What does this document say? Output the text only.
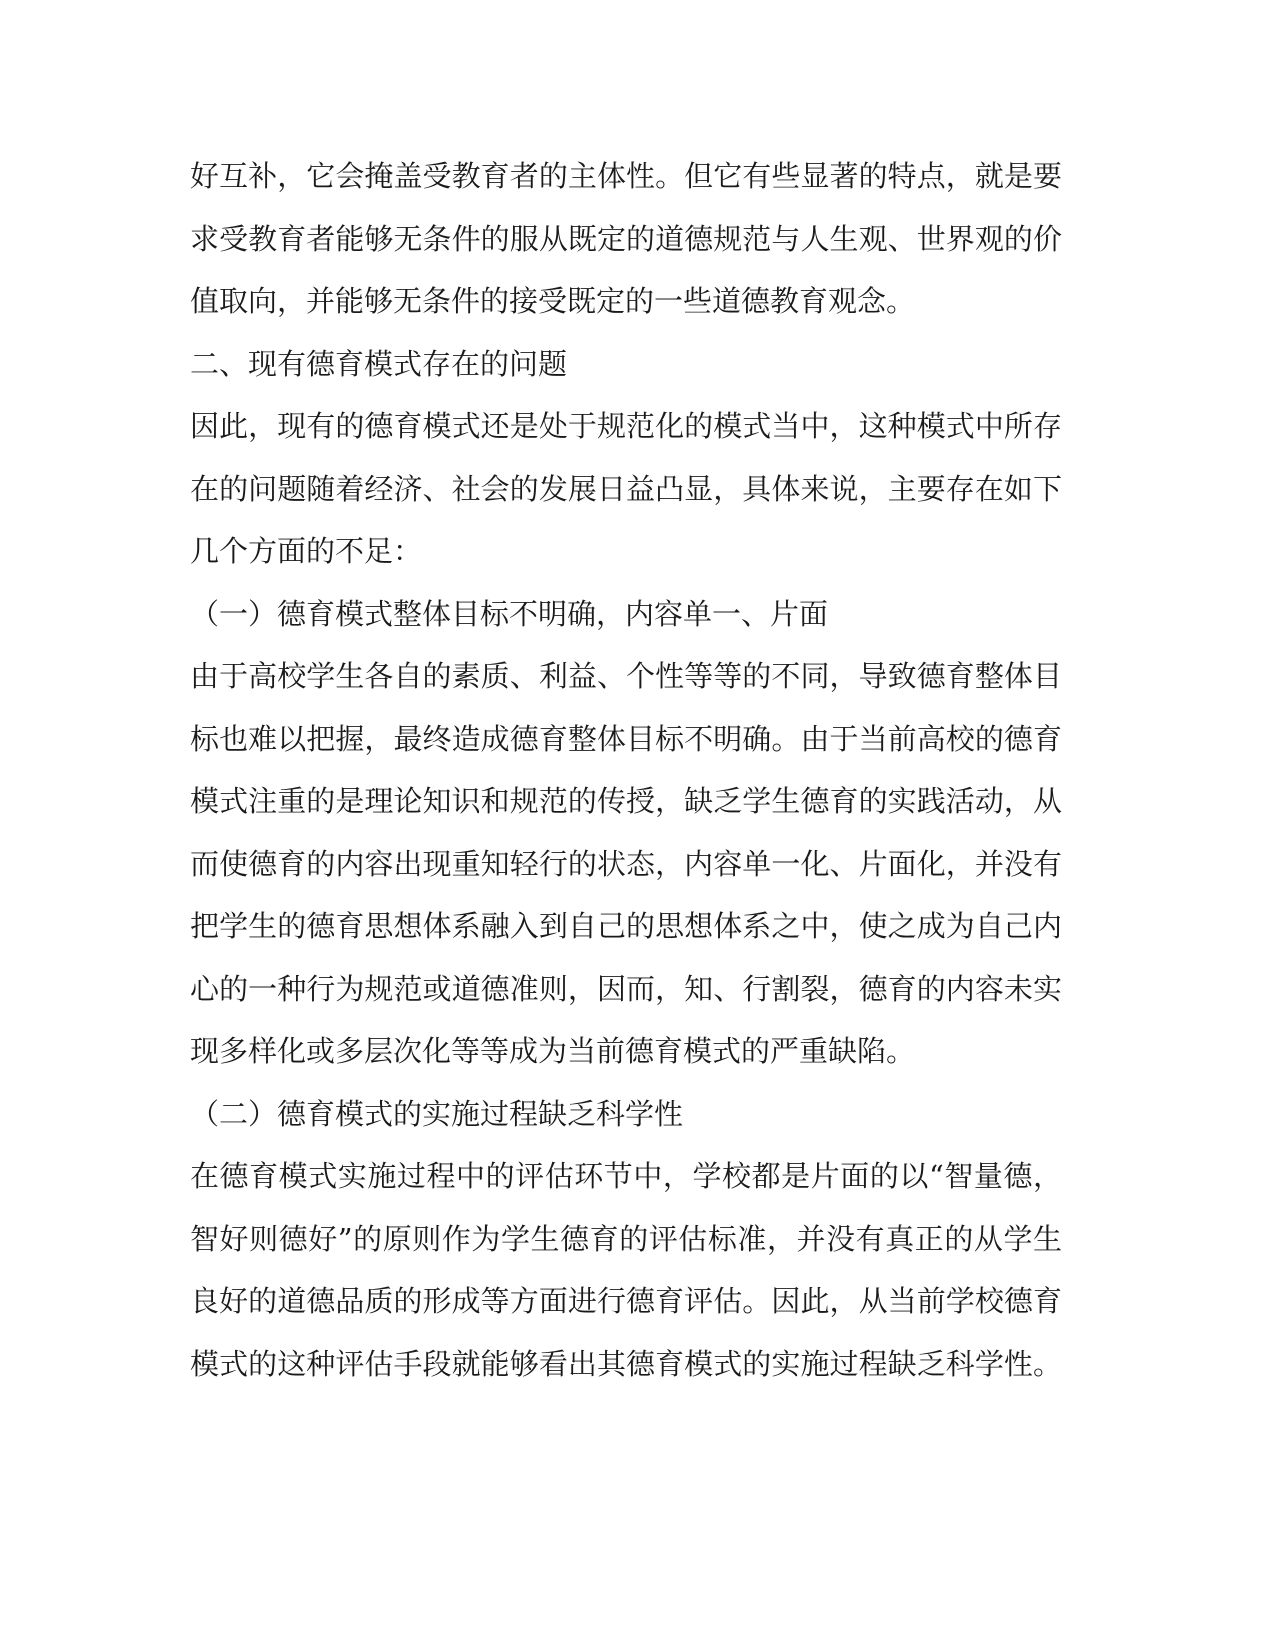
好互补，它会掩盖受教育者的主体性。但它有些显著的特点，就是要
求受教育者能够无条件的服从既定的道德规范与人生观、世界观的价
值取向，并能够无条件的接受既定的一些道德教育观念。
二、现有德育模式存在的问题
因此，现有的德育模式还是处于规范化的模式当中，这种模式中所存
在的问题随着经济、社会的发展日益凸显，具体来说，主要存在如下
几个方面的不足：
（一）德育模式整体目标不明确，内容单一、片面
由于高校学生各自的素质、利益、个性等等的不同，导致德育整体目
标也难以把握，最终造成德育整体目标不明确。由于当前高校的德育
模式注重的是理论知识和规范的传授，缺乏学生德育的实践活动，从
而使德育的内容出现重知轻行的状态，内容单一化、片面化，并没有
把学生的德育思想体系融入到自己的思想体系之中，使之成为自己内
心的一种行为规范或道德准则，因而，知、行割裂，德育的内容未实
现多样化或多层次化等等成为当前德育模式的严重缺陷。
（二）德育模式的实施过程缺乏科学性
在德育模式实施过程中的评估环节中，学校都是片面的以“智量德，
智好则德好”的原则作为学生德育的评估标准，并没有真正的从学生
良好的道德品质的形成等方面进行德育评估。因此，从当前学校德育
模式的这种评估手段就能够看出其德育模式的实施过程缺乏科学性。
